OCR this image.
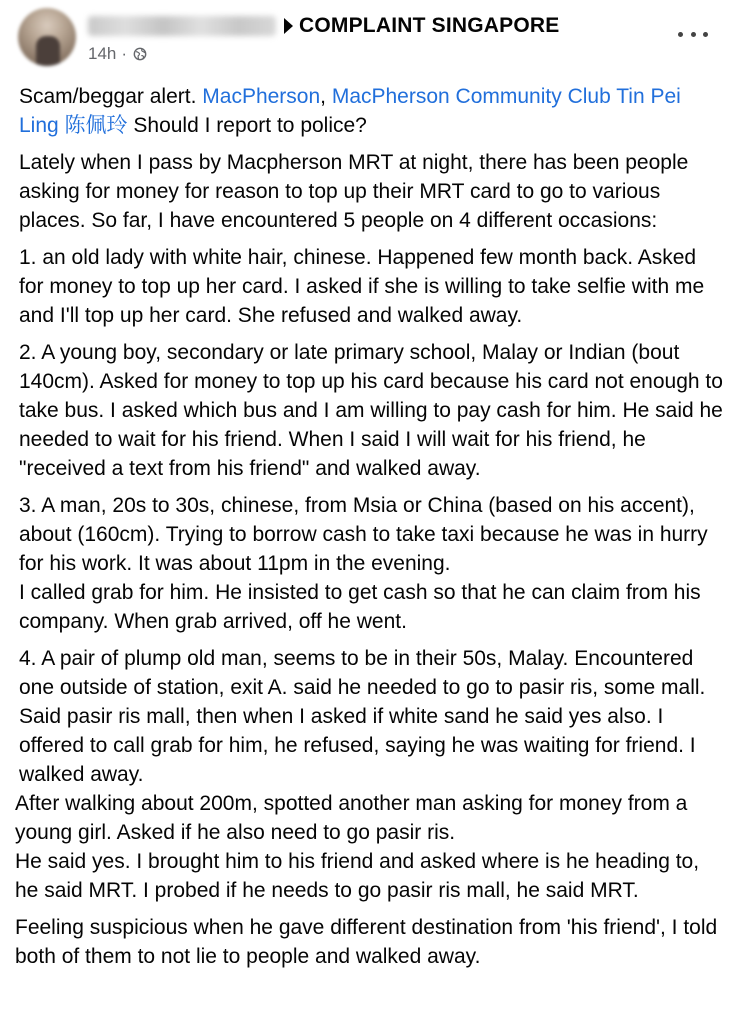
COMPLAINT SINGAPORE
14h ·

Scam/beggar alert. MacPherson, MacPherson Community Club Tin Pei Ling 陈佩玲 Should I report to police?

Lately when I pass by Macpherson MRT at night, there has been people asking for money for reason to top up their MRT card to go to various places. So far, I have encountered 5 people on 4 different occasions:

1. an old lady with white hair, chinese. Happened few month back. Asked for money to top up her card. I asked if she is willing to take selfie with me and I'll top up her card. She refused and walked away.

2. A young boy, secondary or late primary school, Malay or Indian (bout 140cm). Asked for money to top up his card because his card not enough to take bus. I asked which bus and I am willing to pay cash for him. He said he needed to wait for his friend. When I said I will wait for his friend, he "received a text from his friend" and walked away.

3. A man, 20s to 30s, chinese, from Msia or China (based on his accent), about (160cm). Trying to borrow cash to take taxi because he was in hurry for his work. It was about 11pm in the evening.

I called grab for him. He insisted to get cash so that he can claim from his company. When grab arrived, off he went.

4. A pair of plump old man, seems to be in their 50s, Malay. Encountered one outside of station, exit A. said he needed to go to pasir ris, some mall. Said pasir ris mall, then when I asked if white sand he said yes also. I offered to call grab for him, he refused, saying he was waiting for friend. I walked away.

After walking about 200m, spotted another man asking for money from a young girl. Asked if he also need to go pasir ris.

He said yes. I brought him to his friend and asked where is he heading to, he said MRT. I probed if he needs to go pasir ris mall, he said MRT.

Feeling suspicious when he gave different destination from 'his friend', I told both of them to not lie to people and walked away.
